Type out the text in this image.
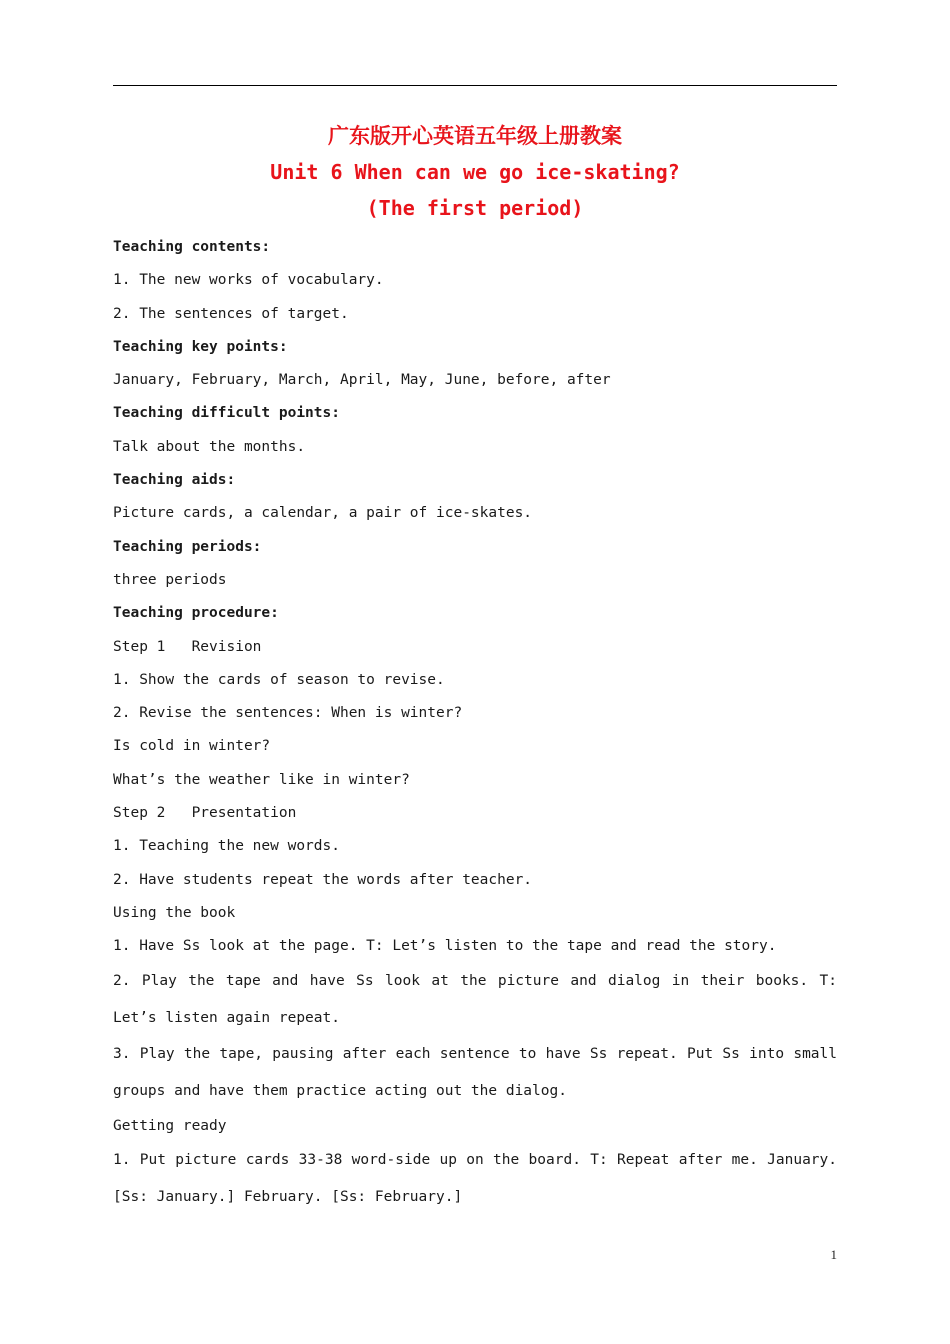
广东版开心英语五年级上册教案
Unit 6 When can we go ice-skating?
(The first period)
Teaching contents:
1. The new works of vocabulary.
2. The sentences of target.
Teaching key points:
January, February, March, April, May, June, before, after
Teaching difficult points:
Talk about the months.
Teaching aids:
Picture cards, a calendar, a pair of ice-skates.
Teaching periods:
three periods
Teaching procedure:
Step 1   Revision
1. Show the cards of season to revise.
2. Revise the sentences: When is winter?
Is cold in winter?
What’s the weather like in winter?
Step 2   Presentation
1. Teaching the new words.
2. Have students repeat the words after teacher.
Using the book
1. Have Ss look at the page. T: Let’s listen to the tape and read the story.
2. Play the tape and have Ss look at the picture and dialog in their books. T: Let’s listen again repeat.
3. Play the tape, pausing after each sentence to have Ss repeat. Put Ss into small groups and have them practice acting out the dialog.
Getting ready
1. Put picture cards 33-38 word-side up on the board. T: Repeat after me. January. [Ss: January.] February. [Ss: February.]
1
